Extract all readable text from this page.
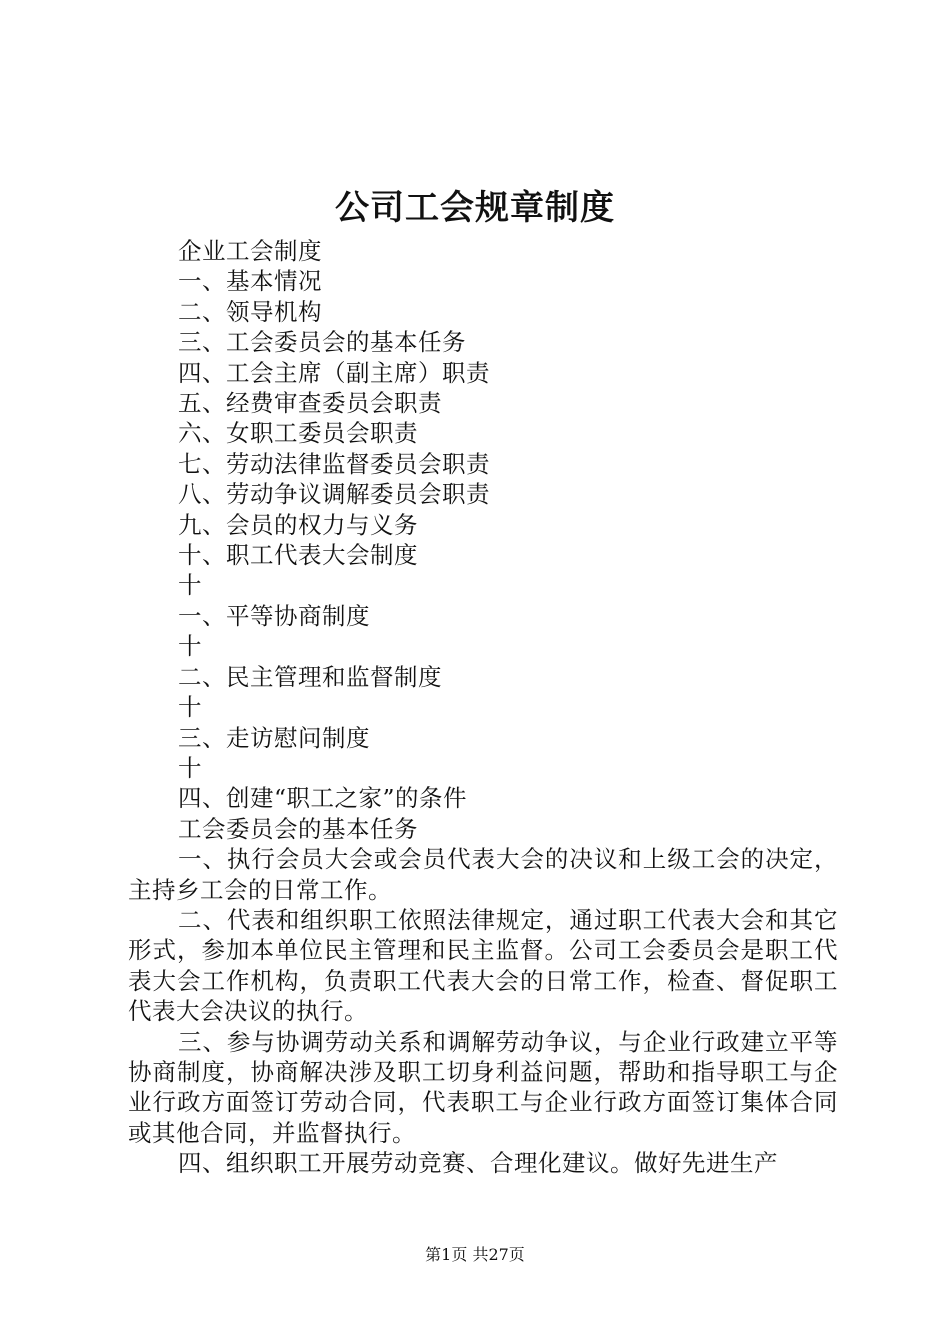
公司工会规章制度

企业工会制度

一、基本情况

二、领导机构

三、工会委员会的基本任务

四、工会主席（副主席）职责

五、经费审查委员会职责

六、女职工委员会职责

七、劳动法律监督委员会职责

八、劳动争议调解委员会职责

九、会员的权力与义务

十、职工代表大会制度

十

一、平等协商制度

十

二、民主管理和监督制度

十

三、走访慰问制度

十

四、创建“职工之家”的条件

工会委员会的基本任务

一、执行会员大会或会员代表大会的决议和上级工会的决定，主持乡工会的日常工作。

二、代表和组织职工依照法律规定，通过职工代表大会和其它形式，参加本单位民主管理和民主监督。公司工会委员会是职工代表大会工作机构，负责职工代表大会的日常工作，检查、督促职工代表大会决议的执行。

三、参与协调劳动关系和调解劳动争议，与企业行政建立平等协商制度，协商解决涉及职工切身利益问题，帮助和指导职工与企业行政方面签订劳动合同，代表职工与企业行政方面签订集体合同或其他合同，并监督执行。

四、组织职工开展劳动竞赛、合理化建议。做好先进生产

第1页 共27页
